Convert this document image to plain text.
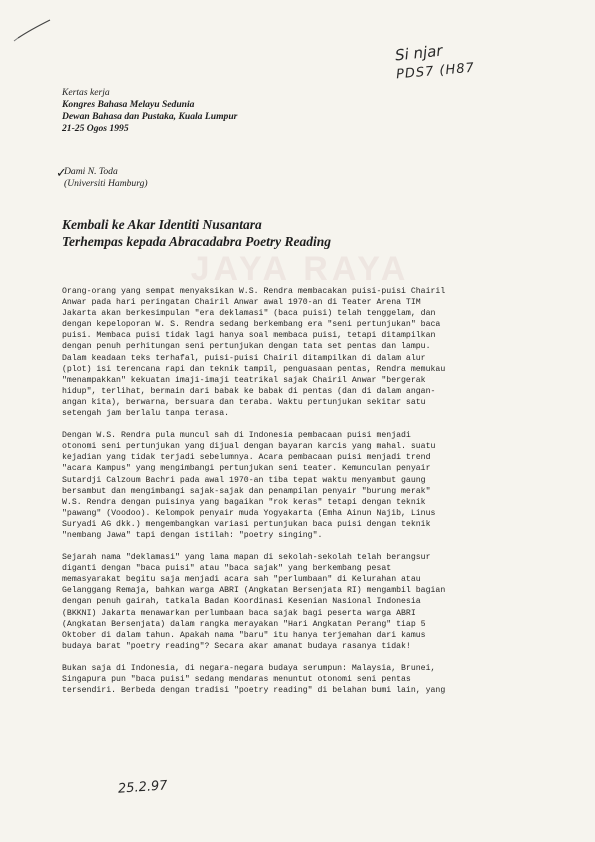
JAYA RAYA
Si njar
PDS7 (H87
Kertas kerja
Kongres Bahasa Melayu Sedunia
Dewan Bahasa dan Pustaka, Kuala Lumpur
21-25 Ogos 1995
✓
Dami N. Toda
(Universiti Hamburg)
Kembali ke Akar Identiti Nusantara
Terhempas kepada Abracadabra Poetry Reading

Orang-orang yang sempat menyaksikan W.S. Rendra membacakan puisi-puisi Chairil
Anwar pada hari peringatan Chairil Anwar awal 1970-an di Teater Arena TIM
Jakarta akan berkesimpulan "era deklamasi" (baca puisi) telah tenggelam, dan
dengan kepeloporan W. S. Rendra sedang berkembang era "seni pertunjukan" baca
puisi. Membaca puisi tidak lagi hanya soal membaca puisi, tetapi ditampilkan
dengan penuh perhitungan seni pertunjukan dengan tata set pentas dan lampu.
Dalam keadaan teks terhafal, puisi-puisi Chairil ditampilkan di dalam alur
(plot) isi terencana rapi dan teknik tampil, penguasaan pentas, Rendra memukau
"menampakkan" kekuatan imaji-imaji teatrikal sajak Chairil Anwar "bergerak
hidup", terlihat, bermain dari babak ke babak di pentas (dan di dalam angan-
angan kita), berwarna, bersuara dan teraba. Waktu pertunjukan sekitar satu
setengah jam berlalu tanpa terasa.

Dengan W.S. Rendra pula muncul sah di Indonesia pembacaan puisi menjadi
otonomi seni pertunjukan yang dijual dengan bayaran karcis yang mahal. suatu
kejadian yang tidak terjadi sebelumnya. Acara pembacaan puisi menjadi trend
"acara Kampus" yang mengimbangi pertunjukan seni teater. Kemunculan penyair
Sutardji Calzoum Bachri pada awal 1970-an tiba tepat waktu menyambut gaung
bersambut dan mengimbangi sajak-sajak dan penampilan penyair "burung merak"
W.S. Rendra dengan puisinya yang bagaikan "rok keras" tetapi dengan teknik
"pawang" (Voodoo). Kelompok penyair muda Yogyakarta (Emha Ainun Najib, Linus
Suryadi AG dkk.) mengembangkan variasi pertunjukan baca puisi dengan teknik
"nembang Jawa" tapi dengan istilah: "poetry singing".

Sejarah nama "deklamasi" yang lama mapan di sekolah-sekolah telah berangsur
diganti dengan "baca puisi" atau "baca sajak" yang berkembang pesat
memasyarakat begitu saja menjadi acara sah "perlumbaan" di Kelurahan atau
Gelanggang Remaja, bahkan warga ABRI (Angkatan Bersenjata RI) mengambil bagian
dengan penuh gairah, tatkala Badan Koordinasi Kesenian Nasional Indonesia
(BKKNI) Jakarta menawarkan perlumbaan baca sajak bagi peserta warga ABRI
(Angkatan Bersenjata) dalam rangka merayakan "Hari Angkatan Perang" tiap 5
Oktober di dalam tahun. Apakah nama "baru" itu hanya terjemahan dari kamus
budaya barat "poetry reading"? Secara akar amanat budaya rasanya tidak!

Bukan saja di Indonesia, di negara-negara budaya serumpun: Malaysia, Brunei,
Singapura pun "baca puisi" sedang mendaras menuntut otonomi seni pentas
tersendiri. Berbeda dengan tradisi "poetry reading" di belahan bumi lain, yang

25.2.97
